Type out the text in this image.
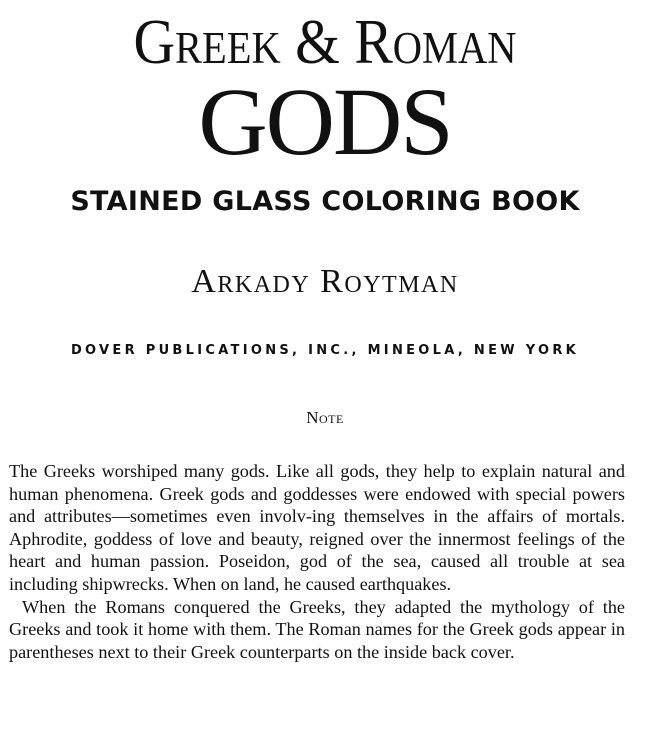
Greek & Roman
GODS
STAINED GLASS COLORING BOOK
Arkady Roytman
DOVER PUBLICATIONS, INC., MINEOLA, NEW YORK
Note

The Greeks worshiped many gods. Like all gods, they help to explain natural and human phenomena. Greek gods and goddesses were endowed with special powers and attributes—sometimes even involv-ing themselves in the affairs of mortals. Aphrodite, goddess of love and beauty, reigned over the innermost feelings of the heart and human passion. Poseidon, god of the sea, caused all trouble at sea including shipwrecks. When on land, he caused earthquakes.

When the Romans conquered the Greeks, they adapted the mythology of the Greeks and took it home with them. The Roman names for the Greek gods appear in parentheses next to their Greek counterparts on the inside back cover.
